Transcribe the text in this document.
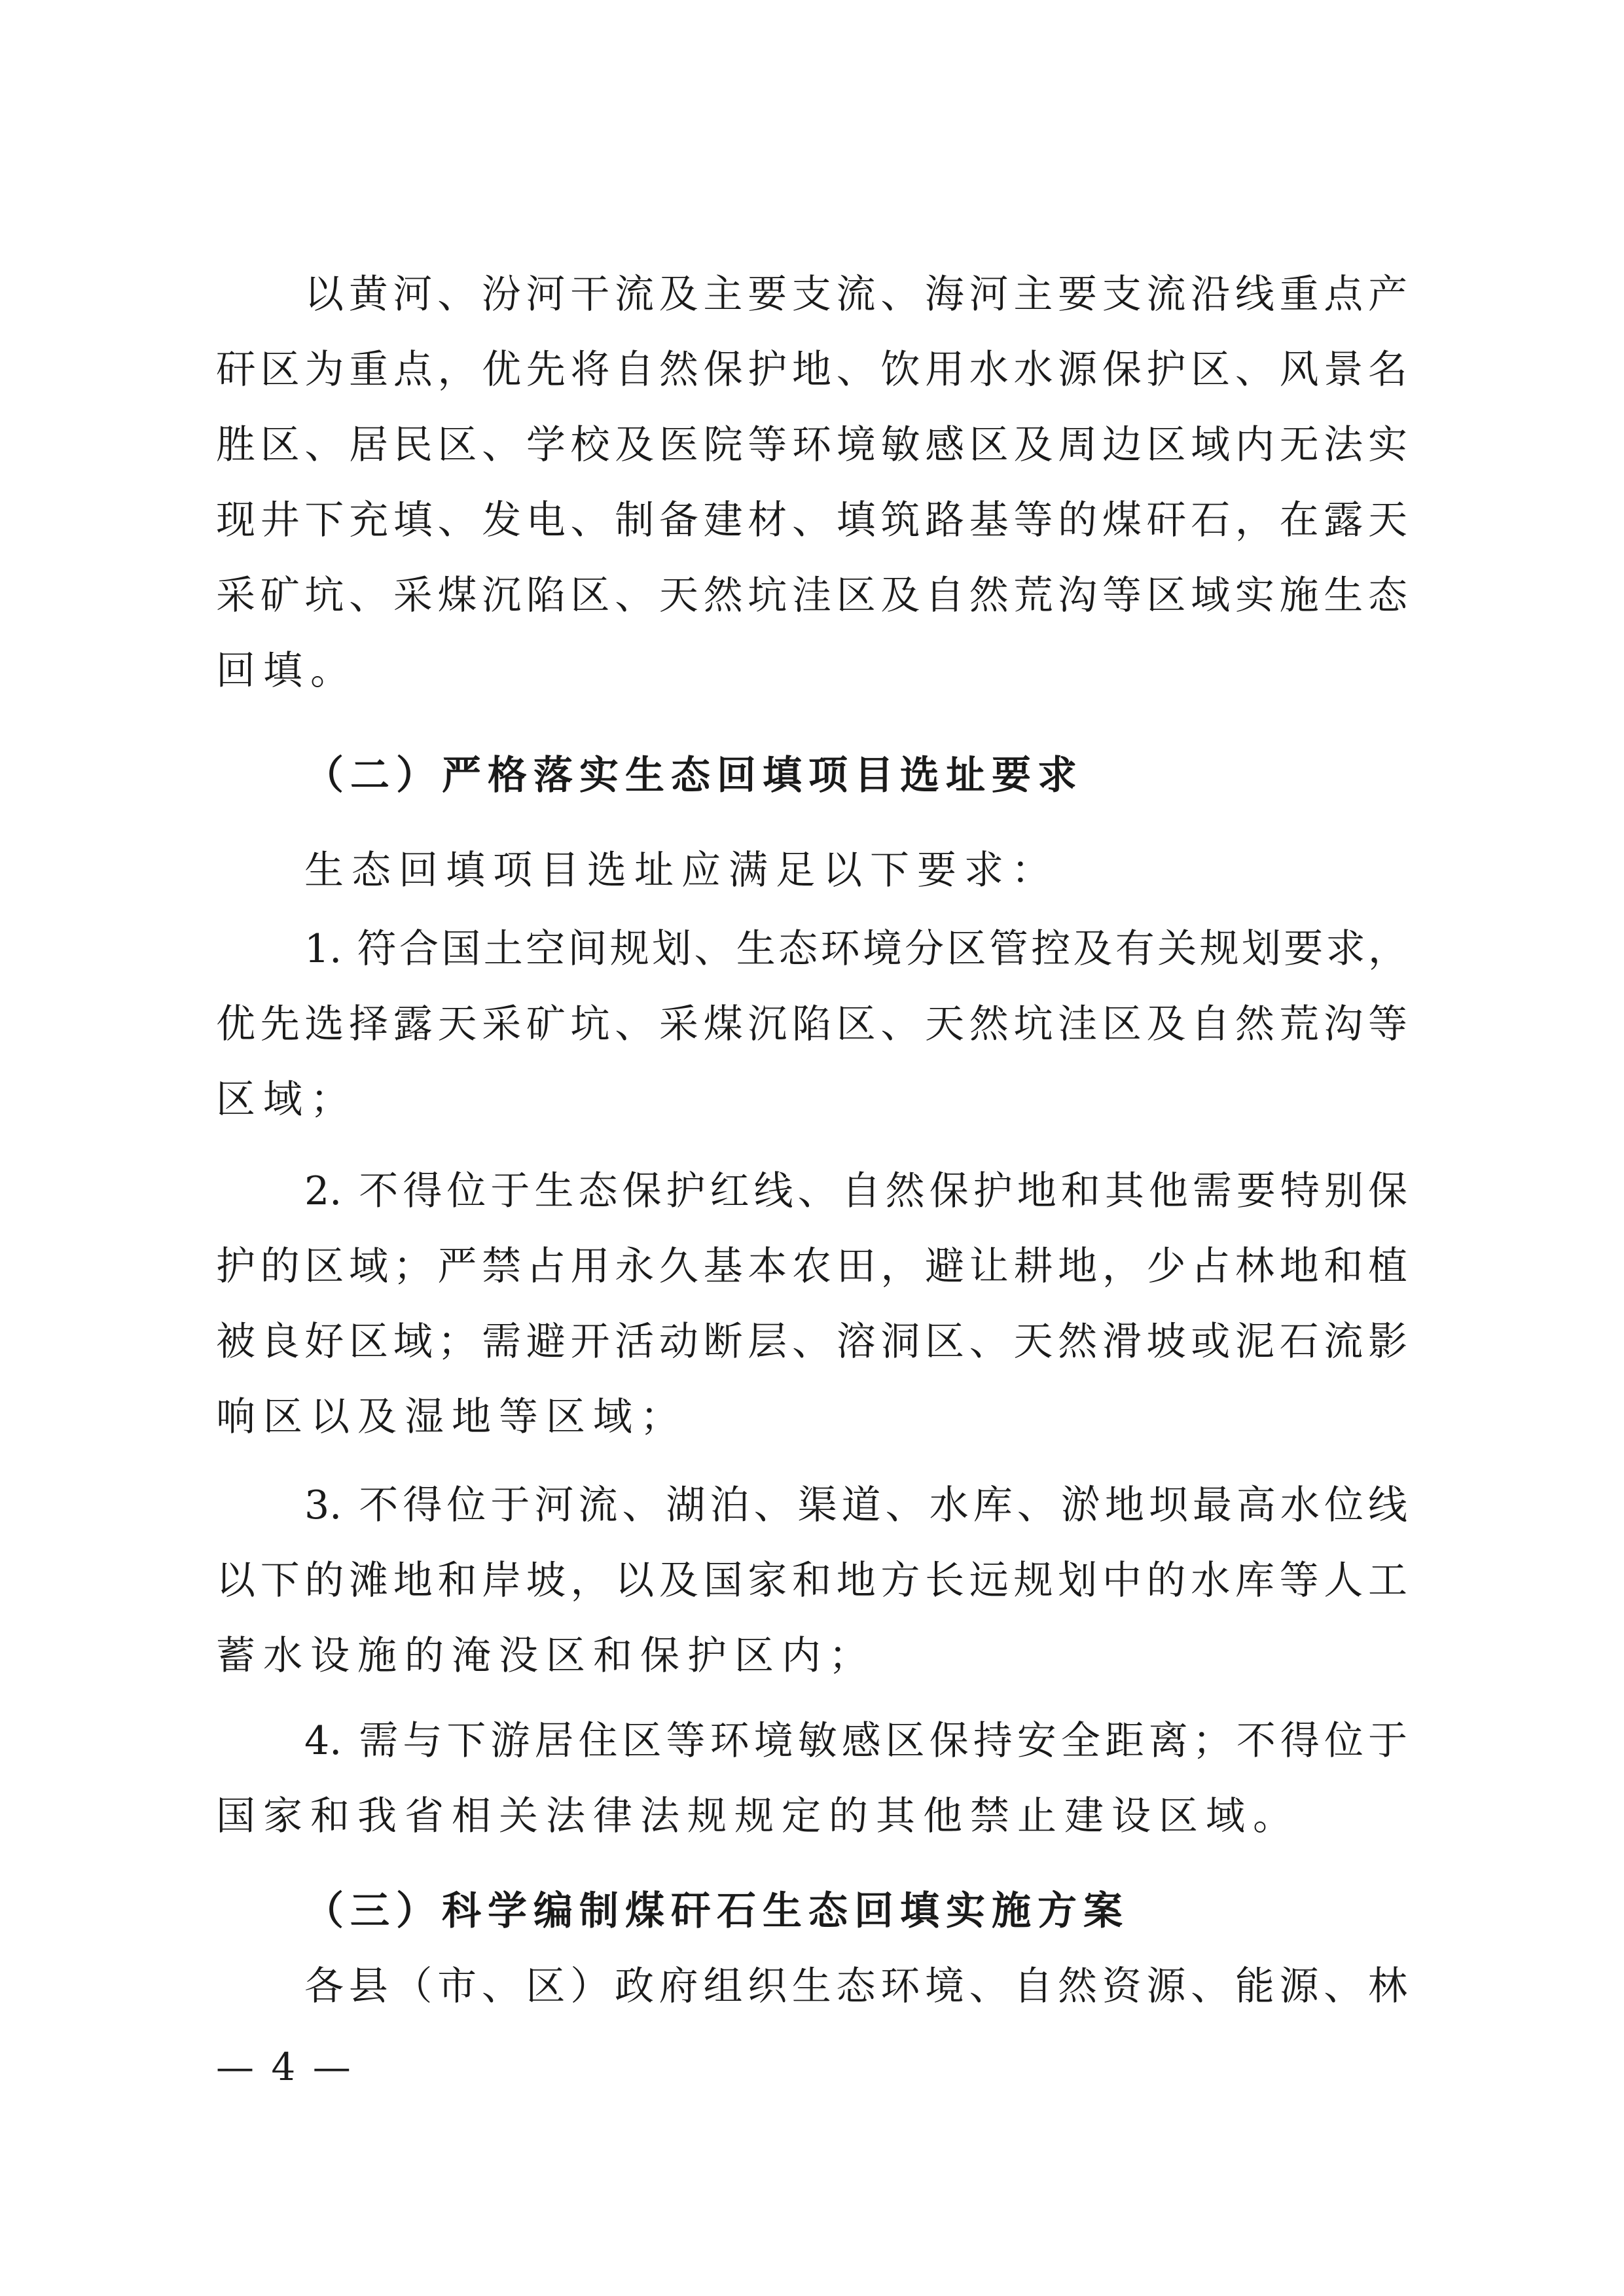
以黄河、汾河干流及主要支流、海河主要支流沿线重点产
矸区为重点，优先将自然保护地、饮用水水源保护区、风景名
胜区、居民区、学校及医院等环境敏感区及周边区域内无法实
现井下充填、发电、制备建材、填筑路基等的煤矸石，在露天
采矿坑、采煤沉陷区、天然坑洼区及自然荒沟等区域实施生态
回填。
（二）严格落实生态回填项目选址要求
生态回填项目选址应满足以下要求：
1. 符合国土空间规划、生态环境分区管控及有关规划要求，
优先选择露天采矿坑、采煤沉陷区、天然坑洼区及自然荒沟等
区域；
2. 不得位于生态保护红线、自然保护地和其他需要特别保
护的区域；严禁占用永久基本农田，避让耕地，少占林地和植
被良好区域；需避开活动断层、溶洞区、天然滑坡或泥石流影
响区以及湿地等区域；
3. 不得位于河流、湖泊、渠道、水库、淤地坝最高水位线
以下的滩地和岸坡，以及国家和地方长远规划中的水库等人工
蓄水设施的淹没区和保护区内；
4. 需与下游居住区等环境敏感区保持安全距离；不得位于
国家和我省相关法律法规规定的其他禁止建设区域。
（三）科学编制煤矸石生态回填实施方案
各县（市、区）政府组织生态环境、自然资源、能源、林
— 4 —
